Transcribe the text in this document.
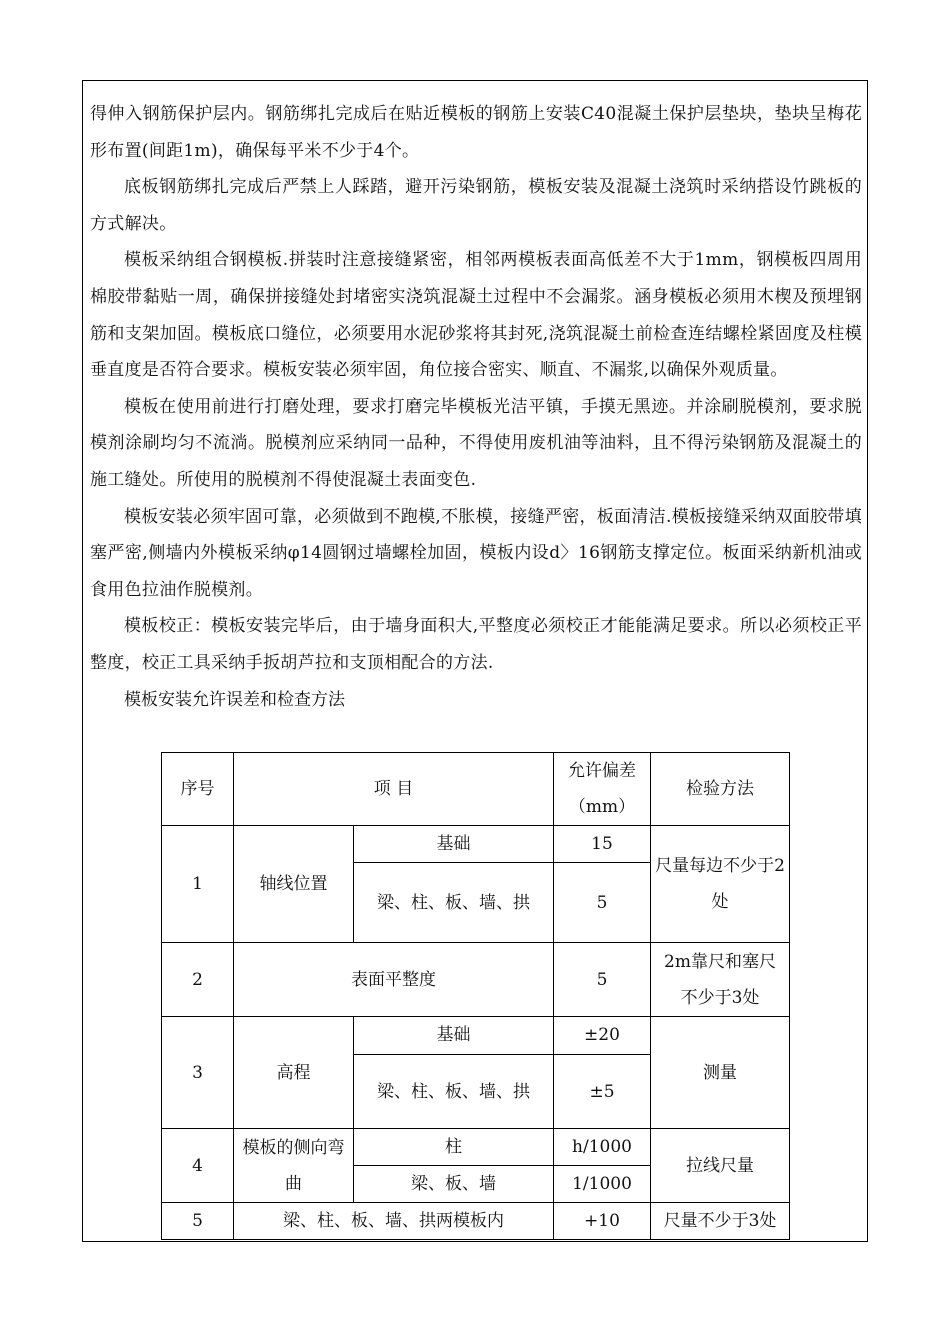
得伸入钢筋保护层内。钢筋绑扎完成后在贴近模板的钢筋上安装C40混凝土保护层垫块，垫块呈梅花形布置(间距1m)，确保每平米不少于4个。

底板钢筋绑扎完成后严禁上人踩踏，避开污染钢筋，模板安装及混凝土浇筑时采纳搭设竹跳板的方式解决。

模板采纳组合钢模板.拼装时注意接缝紧密，相邻两模板表面高低差不大于1mm，钢模板四周用棉胶带黏贴一周，确保拼接缝处封堵密实浇筑混凝土过程中不会漏浆。涵身模板必须用木楔及预埋钢筋和支架加固。模板底口缝位，必须要用水泥砂浆将其封死,浇筑混凝土前检查连结螺栓紧固度及柱模垂直度是否符合要求。模板安装必须牢固，角位接合密实、顺直、不漏浆,以确保外观质量。

模板在使用前进行打磨处理，要求打磨完毕模板光洁平镇，手摸无黑迹。并涂刷脱模剂，要求脱模剂涂刷均匀不流淌。脱模剂应采纳同一品种，不得使用废机油等油料，且不得污染钢筋及混凝土的施工缝处。所使用的脱模剂不得使混凝土表面变色.

模板安装必须牢固可靠，必须做到不跑模,不胀模，接缝严密，板面清洁.模板接缝采纳双面胶带填塞严密,侧墙内外模板采纳φ14圆钢过墙螺栓加固，模板内设d〉16钢筋支撑定位。板面采纳新机油或食用色拉油作脱模剂。

模板校正：模板安装完毕后，由于墙身面积大,平整度必须校正才能能满足要求。所以必须校正平整度，校正工具采纳手扳胡芦拉和支顶相配合的方法.

模板安装允许误差和检查方法

序号	项 目		允许偏差（mm）	检验方法
1	轴线位置	基础	15	尺量每边不少于2处
		梁、柱、板、墙、拱	5	
2	表面平整度		5	2m靠尺和塞尺不少于3处
3	高程	基础	±20	测量
		梁、柱、板、墙、拱	±5	
4	模板的侧向弯曲	柱	h/1000	拉线尺量
		梁、板、墙	1/1000	
5	梁、柱、板、墙、拱两模板内		+10	尺量不少于3处
